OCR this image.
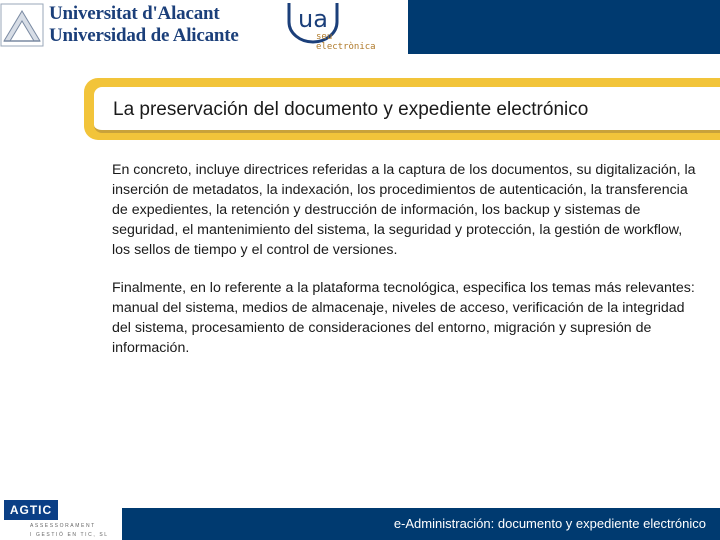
Universitat d'Alacant
Universidad de Alicante
ua
seu
electrònica
La preservación del documento y expediente electrónico

En concreto, incluye directrices referidas a la captura de los documentos, su digitalización, la inserción de metadatos, la indexación, los procedimientos de autenticación, la transferencia de expedientes, la retención y destrucción de información, los backup y sistemas de seguridad, el mantenimiento del sistema, la seguridad y protección, la gestión de workflow, los sellos de tiempo y el control de versiones.

Finalmente, en lo referente a la plataforma tecnológica, especifica los temas más relevantes: manual del sistema, medios de almacenaje, niveles de acceso, verificación de la integridad del sistema, procesamiento de consideraciones del entorno, migración y supresión de información.

AGTIC
ASSESSORAMENT
I GESTIÓ EN TIC, SL
e-Administración: documento y expediente electrónico
